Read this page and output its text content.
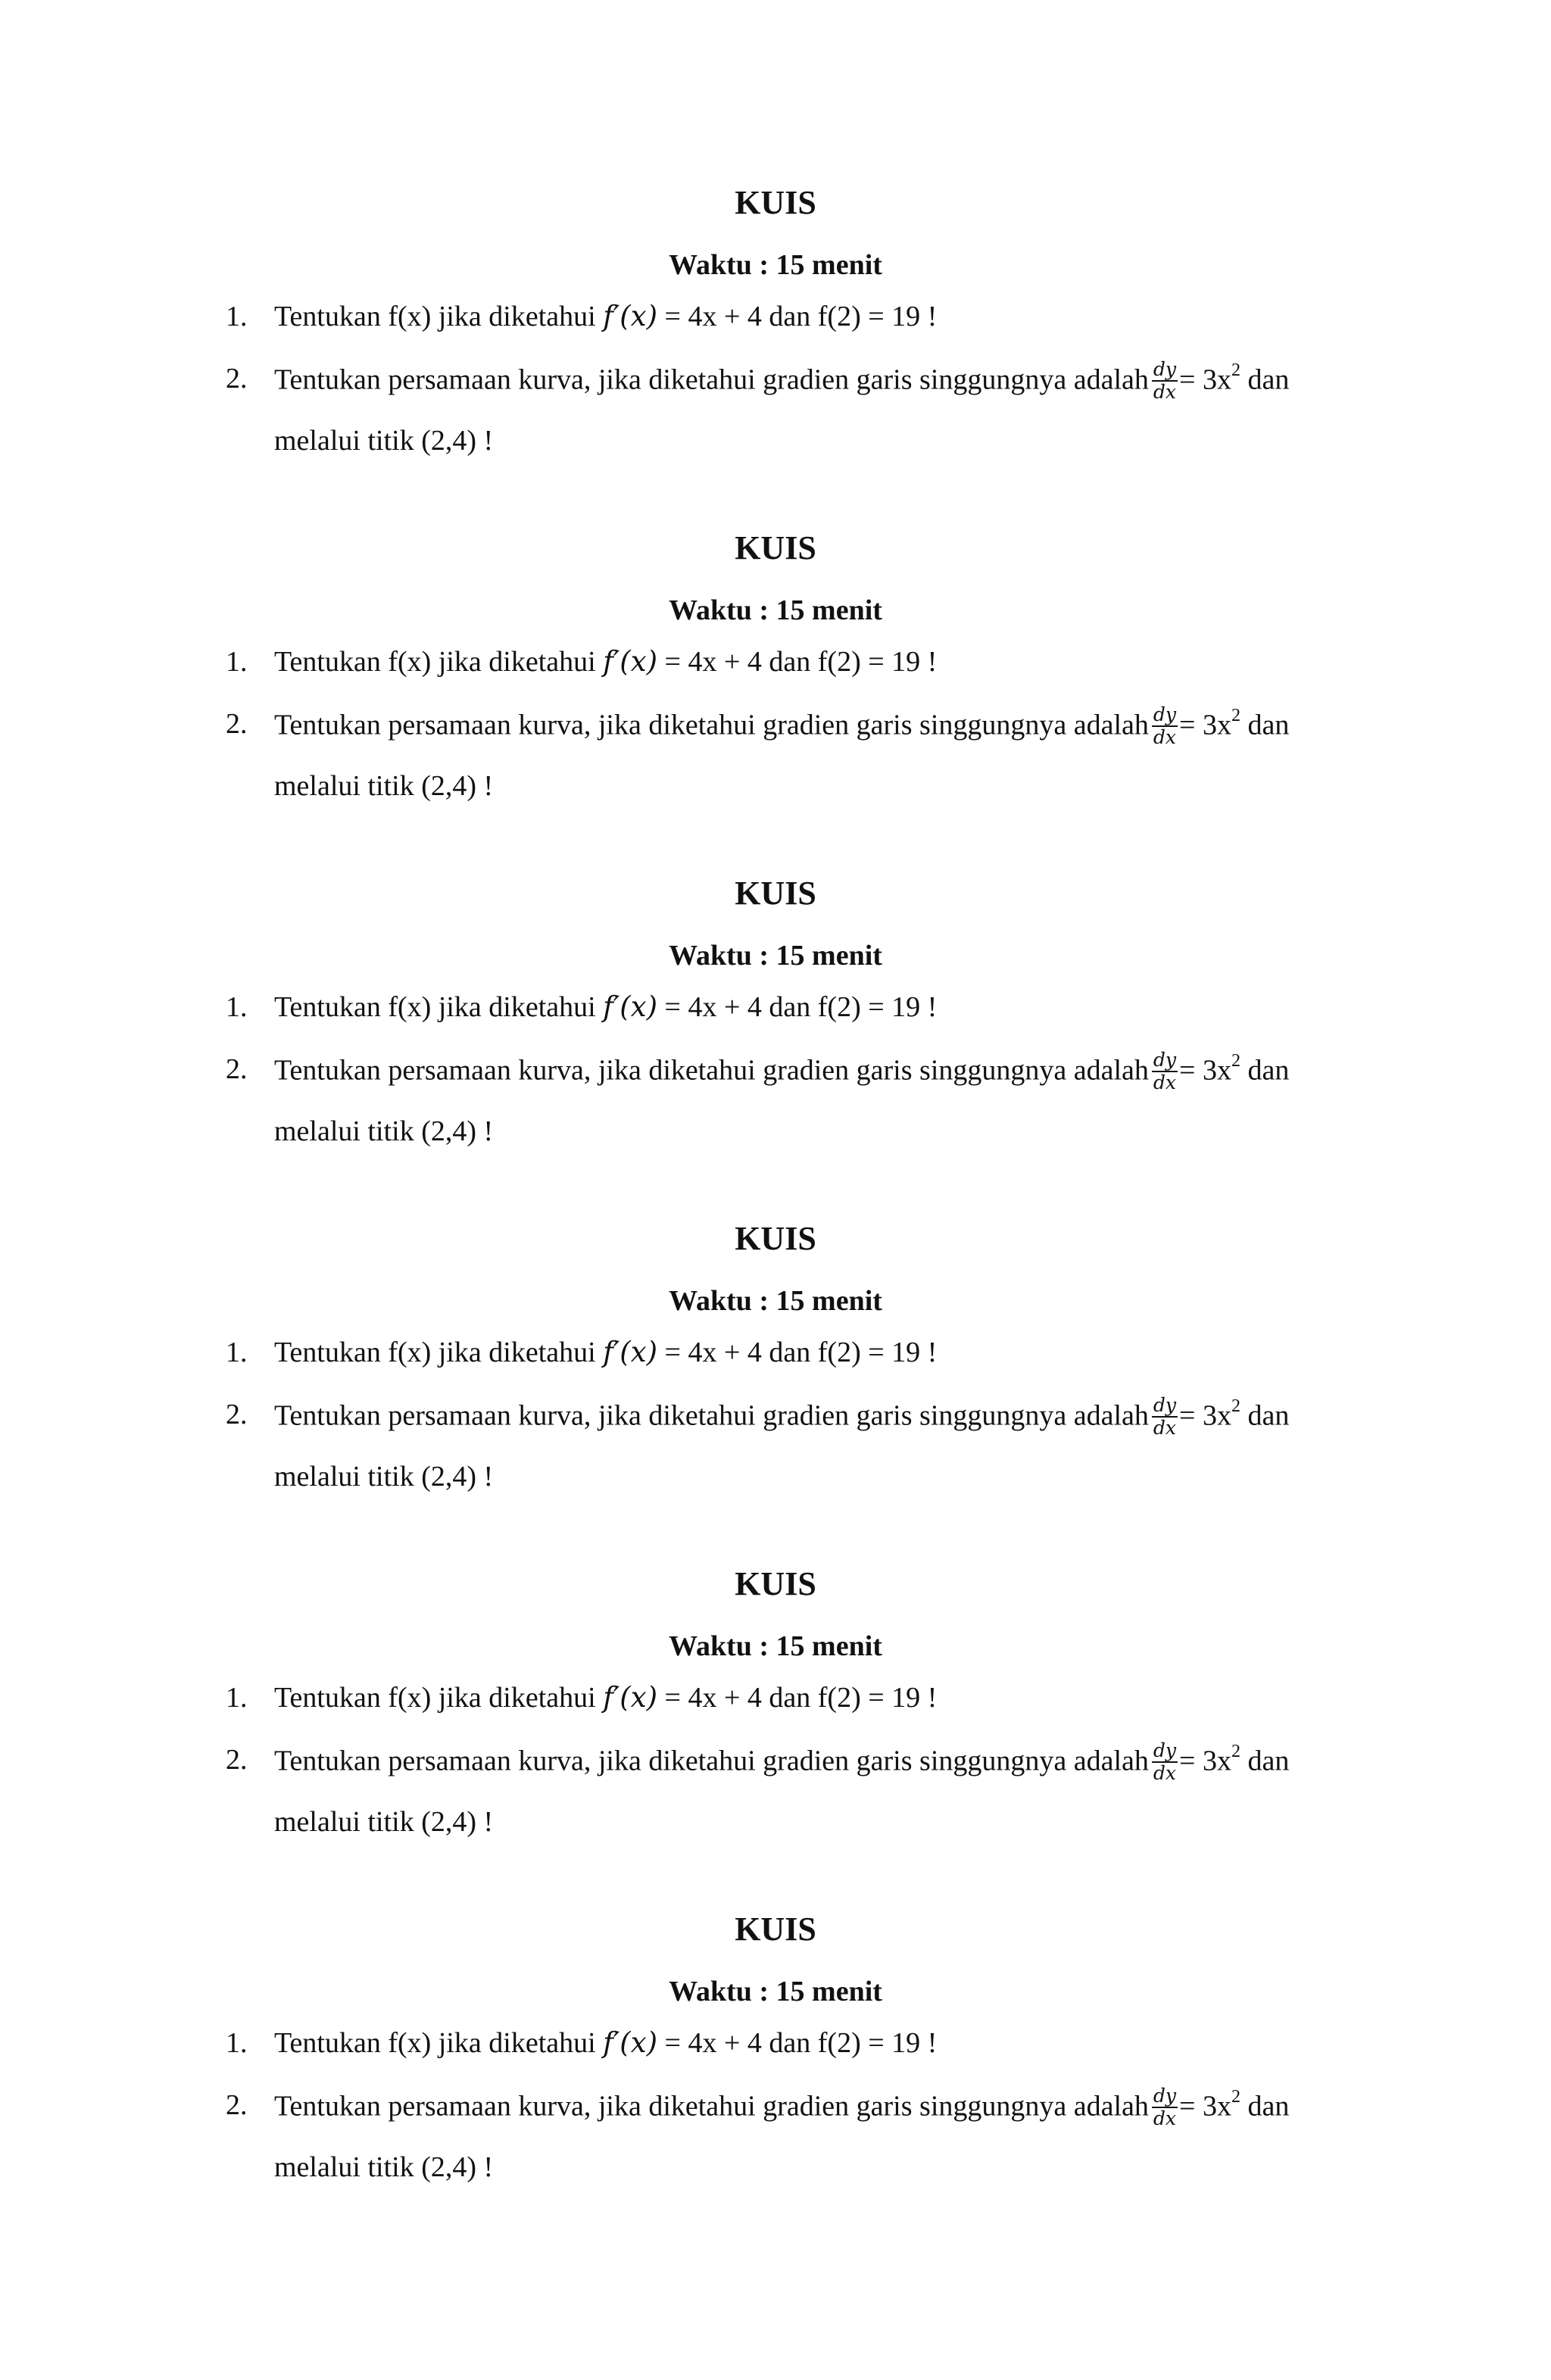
KUIS
Waktu : 15 menit
1. Tentukan f(x) jika diketahui f′(x) = 4x + 4 dan f(2) = 19 !
2. Tentukan persamaan kurva, jika diketahui gradien garis singgungnya adalah $\frac{dy}{dx} = 3x^2$ dan
melalui titik (2,4) !
KUIS
Waktu : 15 menit
1. Tentukan f(x) jika diketahui f′(x) = 4x + 4 dan f(2) = 19 !
2. Tentukan persamaan kurva, jika diketahui gradien garis singgungnya adalah $\frac{dy}{dx} = 3x^2$ dan
melalui titik (2,4) !
KUIS
Waktu : 15 menit
1. Tentukan f(x) jika diketahui f′(x) = 4x + 4 dan f(2) = 19 !
2. Tentukan persamaan kurva, jika diketahui gradien garis singgungnya adalah $\frac{dy}{dx} = 3x^2$ dan
melalui titik (2,4) !
KUIS
Waktu : 15 menit
1. Tentukan f(x) jika diketahui f′(x) = 4x + 4 dan f(2) = 19 !
2. Tentukan persamaan kurva, jika diketahui gradien garis singgungnya adalah $\frac{dy}{dx} = 3x^2$ dan
melalui titik (2,4) !
KUIS
Waktu : 15 menit
1. Tentukan f(x) jika diketahui f′(x) = 4x + 4 dan f(2) = 19 !
2. Tentukan persamaan kurva, jika diketahui gradien garis singgungnya adalah $\frac{dy}{dx} = 3x^2$ dan
melalui titik (2,4) !
KUIS
Waktu : 15 menit
1. Tentukan f(x) jika diketahui f′(x) = 4x + 4 dan f(2) = 19 !
2. Tentukan persamaan kurva, jika diketahui gradien garis singgungnya adalah $\frac{dy}{dx} = 3x^2$ dan
melalui titik (2,4) !
